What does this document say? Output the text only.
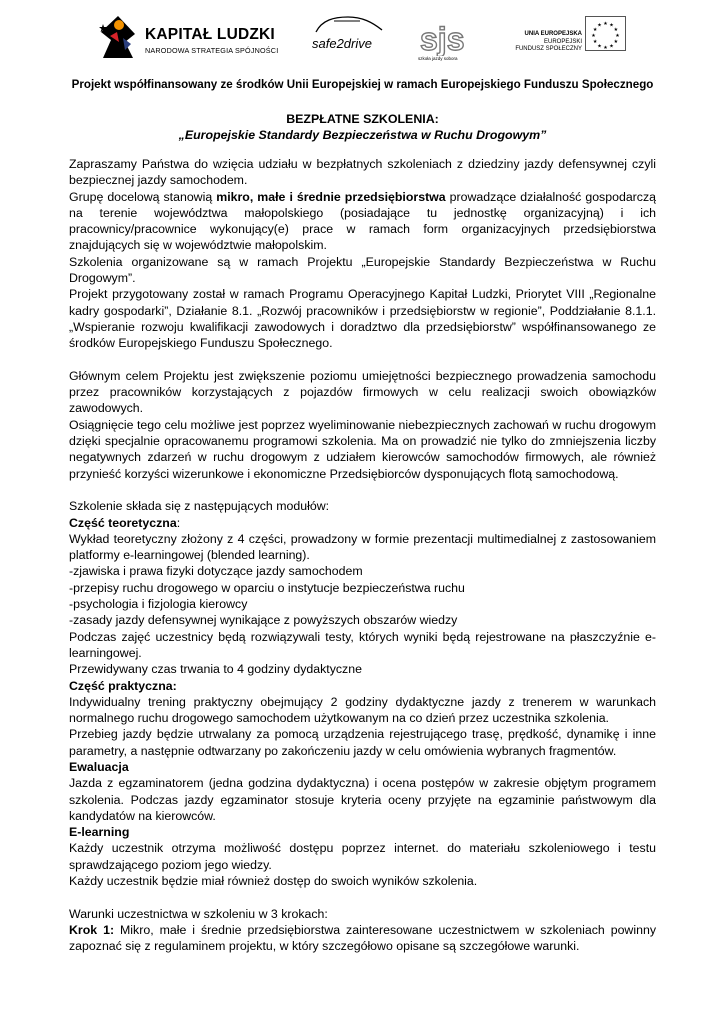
KAPITAŁ LUDZKI
NARODOWA STRATEGIA SPÓJNOŚCI	safe2drive sjs
szkoła jazdy sobora
UNIA EUROPEJSKA
EUROPEJSKI
FUNDUSZ SPOŁECZNY
★ ★
★
★
★
★
★
★
★
★
★
★
Projekt współfinansowany ze środków Unii Europejskiej w ramach Europejskiego Funduszu Społecznego
BEZPŁATNE SZKOLENIA:
„Europejskie Standardy Bezpieczeństwa w Ruchu Drogowym”

Zapraszamy Państwa do wzięcia udziału w bezpłatnych szkoleniach z dziedziny jazdy defensywnej czyli bezpiecznej jazdy samochodem.

Grupę docelową stanowią mikro, małe i średnie przedsiębiorstwa prowadzące działalność gospodarczą na terenie województwa małopolskiego (posiadające tu jednostkę organizacyjną) i ich pracownicy/pracownice wykonujący(e) prace w ramach form organizacyjnych przedsiębiorstwa znajdujących się w województwie małopolskim.

Szkolenia organizowane są w ramach Projektu „Europejskie Standardy Bezpieczeństwa w Ruchu Drogowym”.

Projekt przygotowany został w ramach Programu Operacyjnego Kapitał Ludzki, Priorytet VIII „Regionalne kadry gospodarki”, Działanie 8.1. „Rozwój pracowników i przedsiębiorstw w regionie”, Poddziałanie 8.1.1. „Wspieranie rozwoju kwalifikacji zawodowych i doradztwo dla przedsiębiorstw” współfinansowanego ze środków Europejskiego Funduszu Społecznego.

Głównym celem Projektu jest zwiększenie poziomu umiejętności bezpiecznego prowadzenia samochodu przez pracowników korzystających z pojazdów firmowych w celu realizacji swoich obowiązków zawodowych.

Osiągnięcie tego celu możliwe jest poprzez wyeliminowanie niebezpiecznych zachowań w ruchu drogowym dzięki specjalnie opracowanemu programowi szkolenia. Ma on prowadzić nie tylko do zmniejszenia liczby negatywnych zdarzeń w ruchu drogowym z udziałem kierowców samochodów firmowych, ale również przynieść korzyści wizerunkowe i ekonomiczne Przedsiębiorców dysponujących flotą samochodową.

Szkolenie składa się z następujących modułów:

Część teoretyczna:

Wykład teoretyczny złożony z 4 części, prowadzony w formie prezentacji multimedialnej z zastosowaniem platformy e-learningowej (blended learning).

-zjawiska i prawa fizyki dotyczące jazdy samochodem

-przepisy ruchu drogowego w oparciu o instytucje bezpieczeństwa ruchu

-psychologia i fizjologia kierowcy

-zasady jazdy defensywnej wynikające z powyższych obszarów wiedzy

Podczas zajęć uczestnicy będą rozwiązywali testy, których wyniki będą rejestrowane na płaszczyźnie e-learningowej.

Przewidywany czas trwania to 4 godziny dydaktyczne

Część praktyczna:

Indywidualny trening praktyczny obejmujący 2 godziny dydaktyczne jazdy z trenerem w warunkach normalnego ruchu drogowego samochodem użytkowanym na co dzień przez uczestnika szkolenia.

Przebieg jazdy będzie utrwalany za pomocą urządzenia rejestrującego trasę, prędkość, dynamikę i inne parametry, a następnie odtwarzany po zakończeniu jazdy w celu omówienia wybranych fragmentów.

Ewaluacja

Jazda z egzaminatorem (jedna godzina dydaktyczna) i ocena postępów w zakresie objętym programem szkolenia. Podczas jazdy egzaminator stosuje kryteria oceny przyjęte na egzaminie państwowym dla kandydatów na kierowców.

E-learning

Każdy uczestnik otrzyma możliwość dostępu poprzez internet. do materiału szkoleniowego i testu sprawdzającego poziom jego wiedzy.

Każdy uczestnik będzie miał również dostęp do swoich wyników szkolenia.

Warunki uczestnictwa w szkoleniu w 3 krokach:

Krok 1: Mikro, małe i średnie przedsiębiorstwa zainteresowane uczestnictwem w szkoleniach powinny zapoznać się z regulaminem projektu, w który szczegółowo opisane są szczegółowe warunki.
